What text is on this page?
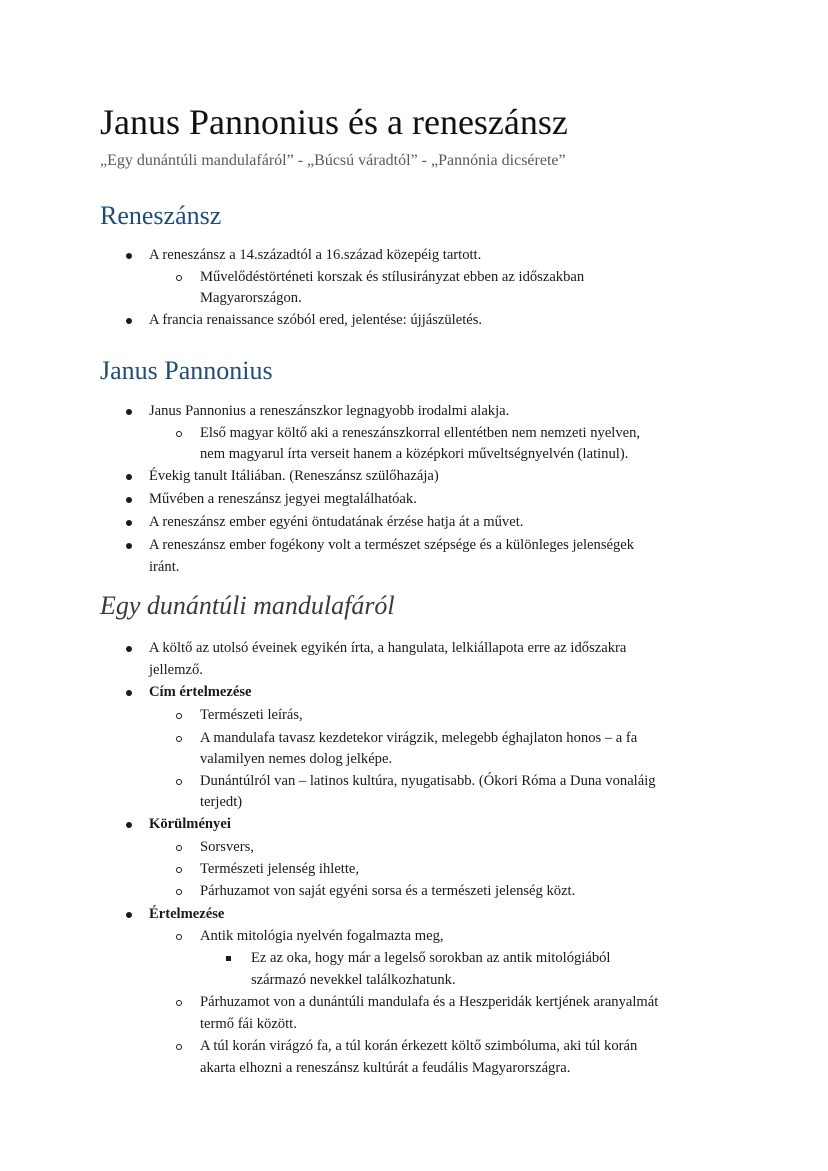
Janus Pannonius és a reneszánsz
„Egy dunántúli mandulafáról” - „Búcsú váradtól” - „Pannónia dicsérete”
Reneszánsz
A reneszánsz a 14.századtól a 16.század közepéig tartott.
Művelődéstörténeti korszak és stílusirányzat ebben az időszakban
Magyarországon.
A francia renaissance szóból ered, jelentése: újjászületés.
Janus Pannonius
Janus Pannonius a reneszánszkor legnagyobb irodalmi alakja.
Első magyar költő aki a reneszánszkorral ellentétben nem nemzeti nyelven,
nem magyarul írta verseit hanem a középkori műveltségnyelvén (latinul).
Évekig tanult Itáliában. (Reneszánsz szülőhazája)
Művében a reneszánsz jegyei megtalálhatóak.
A reneszánsz ember egyéni öntudatának érzése hatja át a művet.
A reneszánsz ember fogékony volt a természet szépsége és a különleges jelenségek
iránt.
Egy dunántúli mandulafáról
A költő az utolsó éveinek egyikén írta, a hangulata, lelkiállapota erre az időszakra
jellemző.
Cím értelmezése
Természeti leírás,
A mandulafa tavasz kezdetekor virágzik, melegebb éghajlaton honos – a fa
valamilyen nemes dolog jelképe.
Dunántúlról van – latinos kultúra, nyugatisabb. (Ókori Róma a Duna vonaláig
terjedt)
Körülményei
Sorsvers,
Természeti jelenség ihlette,
Párhuzamot von saját egyéni sorsa és a természeti jelenség közt.
Értelmezése
Antik mitológia nyelvén fogalmazta meg,
Ez az oka, hogy már a legelső sorokban az antik mitológiából
származó nevekkel találkozhatunk.
Párhuzamot von a dunántúli mandulafa és a Heszperidák kertjének aranyalmát
termő fái között.
A túl korán virágzó fa, a túl korán érkezett költő szimbóluma, aki túl korán
akarta elhozni a reneszánsz kultúrát a feudális Magyarországra.
